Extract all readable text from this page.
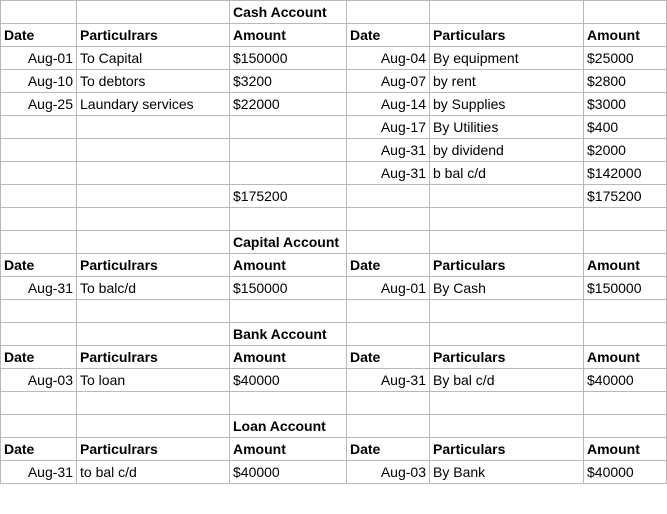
		Cash Account			
Date	Particulrars	Amount	Date	Particulars	Amount
Aug-01	To Capital	$150000	Aug-04	By equipment	$25000
Aug-10	To debtors	$3200	Aug-07	by rent	$2800
Aug-25	Laundary services	$22000	Aug-14	by Supplies	$3000
			Aug-17	By Utilities	$400
			Aug-31	by dividend	$2000
			Aug-31	b bal c/d	$142000
		$175200			$175200

		Capital Account			
Date	Particulrars	Amount	Date	Particulars	Amount
Aug-31	To balc/d	$150000	Aug-01	By Cash	$150000

		Bank Account			
Date	Particulrars	Amount	Date	Particulars	Amount
Aug-03	To loan	$40000	Aug-31	By bal c/d	$40000

		Loan Account			
Date	Particulrars	Amount	Date	Particulars	Amount
Aug-31	to bal c/d	$40000	Aug-03	By Bank	$40000
